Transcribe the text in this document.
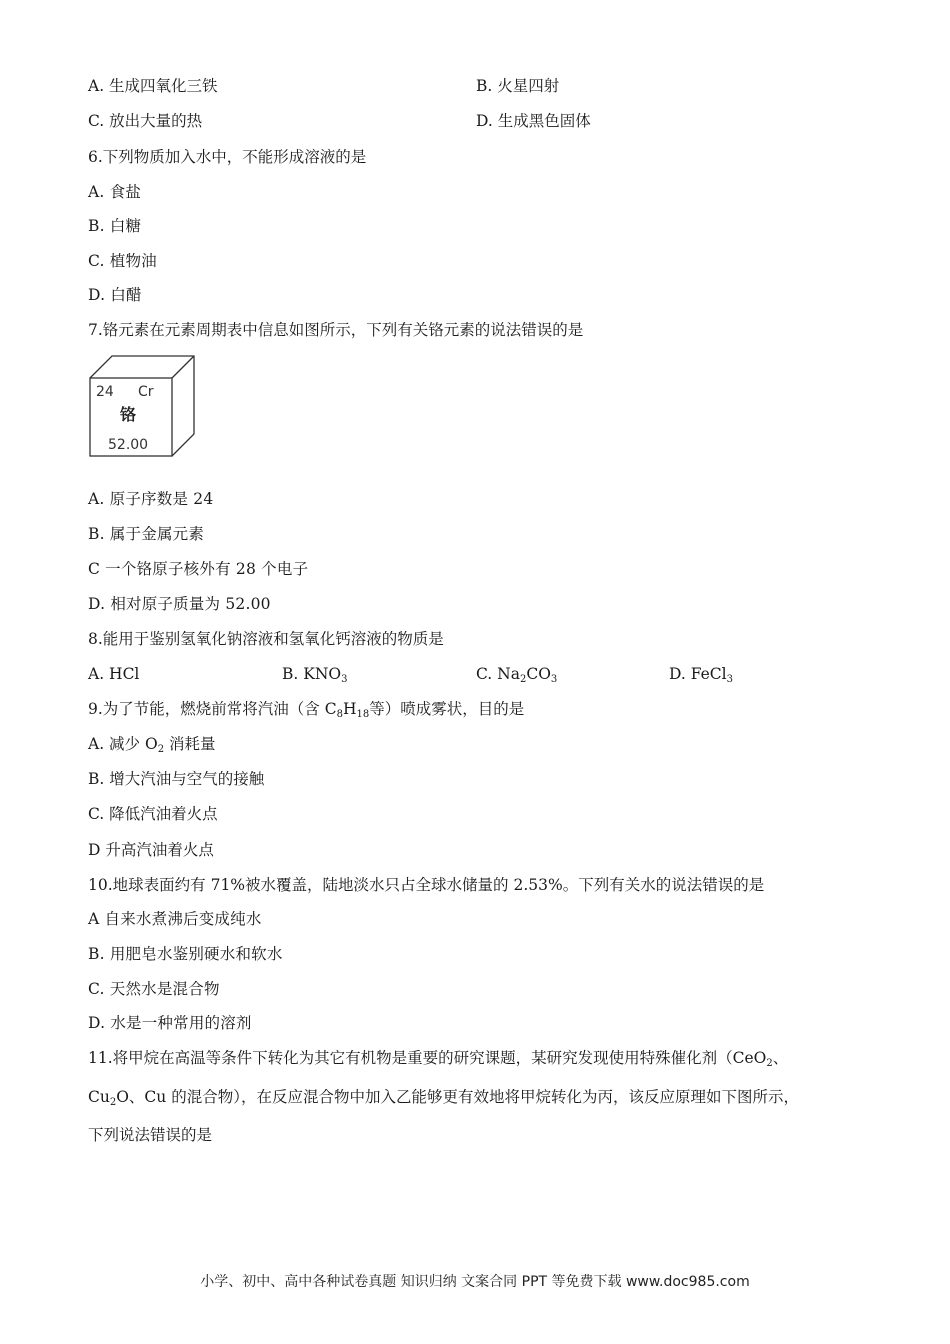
A. 生成四氧化三铁	B. 火星四射
C. 放出大量的热	D. 生成黑色固体
6.下列物质加入水中，不能形成溶液的是
A. 食盐
B. 白糖
C. 植物油
D. 白醋
7.铬元素在元素周期表中信息如图所示，下列有关铬元素的说法错误的是
24 Cr
铬
52.00
A. 原子序数是 24
B. 属于金属元素
C 一个铬原子核外有 28 个电子
D. 相对原子质量为 52.00
8.能用于鉴别氢氧化钠溶液和氢氧化钙溶液的物质是
A. HCl	B. $KNO_3$	C. $Na_2CO_3$	D. FeCl$_3$
9.为了节能，燃烧前常将汽油（含 $C_8H_{18}$等）喷成雾状，目的是
A. 减少 $O_2$ 消耗量
B. 增大汽油与空气的接触
C. 降低汽油着火点
D 升高汽油着火点
10.地球表面约有 71%被水覆盖，陆地淡水只占全球水储量的 2.53%。下列有关水的说法错误的是
A 自来水煮沸后变成纯水
B. 用肥皂水鉴别硬水和软水
C. 天然水是混合物
D. 水是一种常用的溶剂
11.将甲烷在高温等条件下转化为其它有机物是重要的研究课题，某研究发现使用特殊催化剂（CeO$_2$、
$Cu_2O$、Cu 的混合物），在反应混合物中加入乙能够更有效地将甲烷转化为丙，该反应原理如下图所示，
下列说法错误的是
小学、初中、高中各种试卷真题 知识归纳 文案合同 PPT 等免费下载 www.doc985.com
